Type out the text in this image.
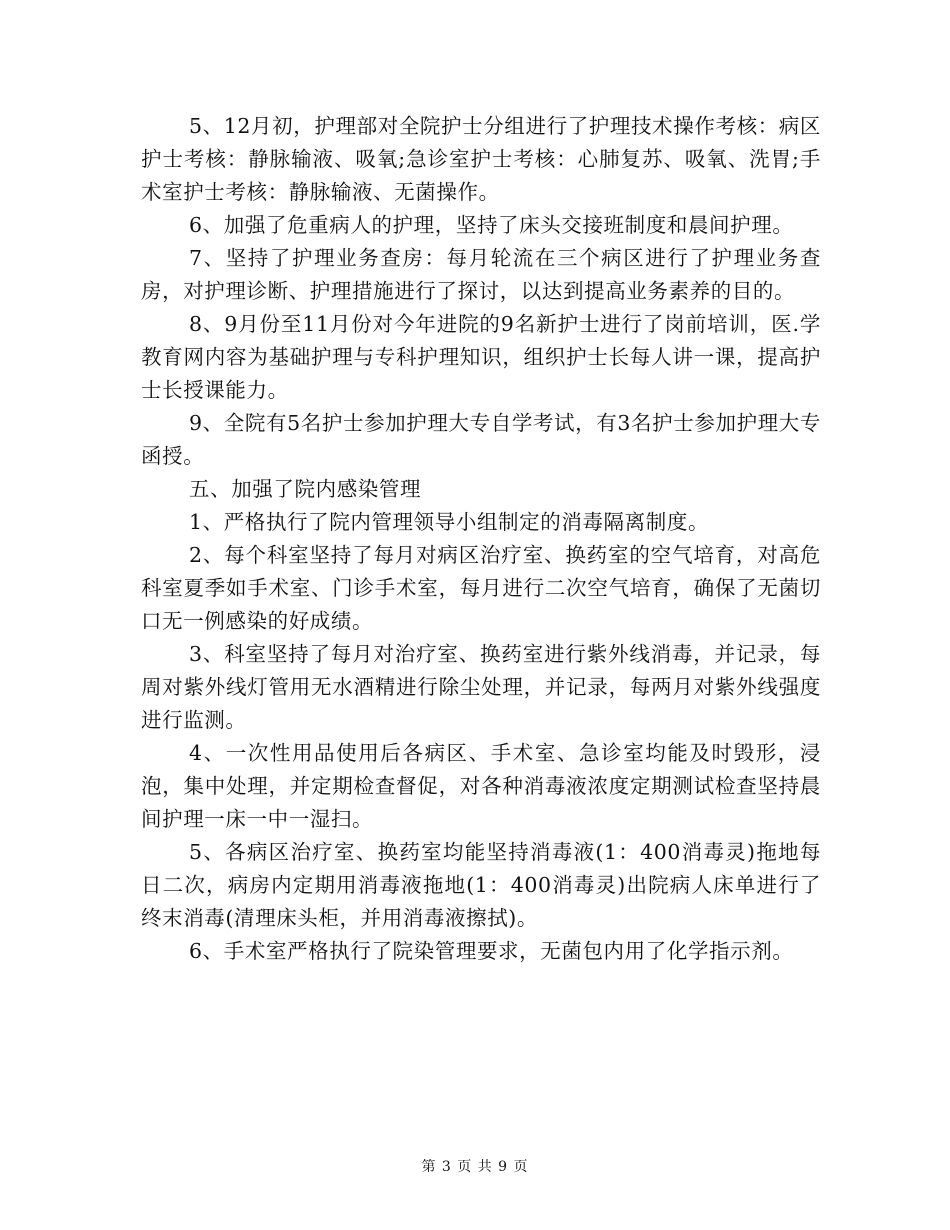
5、12月初，护理部对全院护士分组进行了护理技术操作考核：病区护士考核：静脉输液、吸氧;急诊室护士考核：心肺复苏、吸氧、洗胃;手术室护士考核：静脉输液、无菌操作。

6、加强了危重病人的护理，坚持了床头交接班制度和晨间护理。

7、坚持了护理业务查房：每月轮流在三个病区进行了护理业务查房，对护理诊断、护理措施进行了探讨，以达到提高业务素养的目的。

8、9月份至11月份对今年进院的9名新护士进行了岗前培训，医.学教育网内容为基础护理与专科护理知识，组织护士长每人讲一课，提高护士长授课能力。

9、全院有5名护士参加护理大专自学考试，有3名护士参加护理大专函授。

五、加强了院内感染管理

1、严格执行了院内管理领导小组制定的消毒隔离制度。

2、每个科室坚持了每月对病区治疗室、换药室的空气培育，对高危科室夏季如手术室、门诊手术室，每月进行二次空气培育，确保了无菌切口无一例感染的好成绩。

3、科室坚持了每月对治疗室、换药室进行紫外线消毒，并记录，每周对紫外线灯管用无水酒精进行除尘处理，并记录，每两月对紫外线强度进行监测。

4、一次性用品使用后各病区、手术室、急诊室均能及时毁形，浸泡，集中处理，并定期检查督促，对各种消毒液浓度定期测试检查坚持晨间护理一床一中一湿扫。

5、各病区治疗室、换药室均能坚持消毒液(1：400消毒灵)拖地每日二次，病房内定期用消毒液拖地(1：400消毒灵)出院病人床单进行了终末消毒(清理床头柜，并用消毒液擦拭)。

6、手术室严格执行了院染管理要求，无菌包内用了化学指示剂。

第 3 页 共 9 页
